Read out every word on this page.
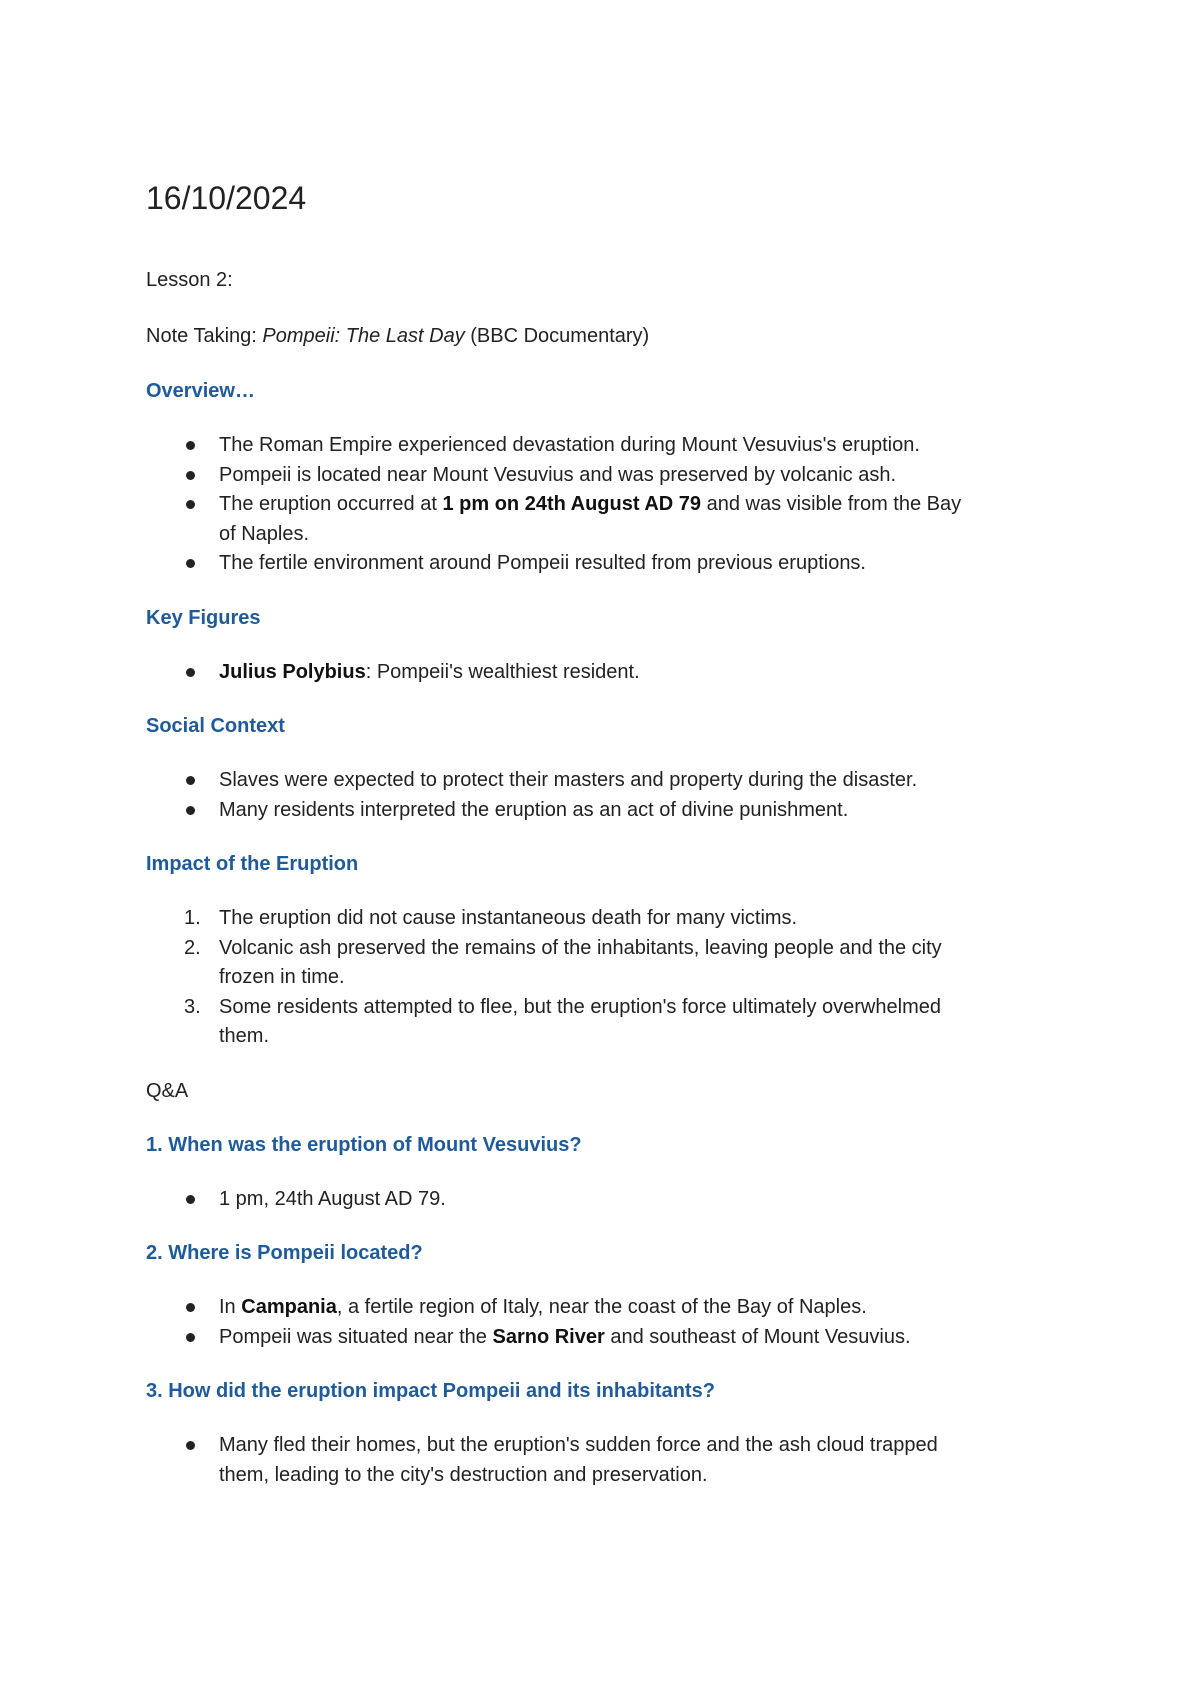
16/10/2024
Lesson 2:
Note Taking: Pompeii: The Last Day (BBC Documentary)
Overview…
The Roman Empire experienced devastation during Mount Vesuvius's eruption.
Pompeii is located near Mount Vesuvius and was preserved by volcanic ash.
The eruption occurred at 1 pm on 24th August AD 79 and was visible from the Bay
of Naples.
The fertile environment around Pompeii resulted from previous eruptions.
Key Figures
Julius Polybius: Pompeii's wealthiest resident.
Social Context
Slaves were expected to protect their masters and property during the disaster.
Many residents interpreted the eruption as an act of divine punishment.
Impact of the Eruption
1. The eruption did not cause instantaneous death for many victims.
2. Volcanic ash preserved the remains of the inhabitants, leaving people and the city
frozen in time.
3. Some residents attempted to flee, but the eruption's force ultimately overwhelmed
them.
Q&A
1. When was the eruption of Mount Vesuvius?
1 pm, 24th August AD 79.
2. Where is Pompeii located?
In Campania, a fertile region of Italy, near the coast of the Bay of Naples.
Pompeii was situated near the Sarno River and southeast of Mount Vesuvius.
3. How did the eruption impact Pompeii and its inhabitants?
Many fled their homes, but the eruption's sudden force and the ash cloud trapped
them, leading to the city's destruction and preservation.
